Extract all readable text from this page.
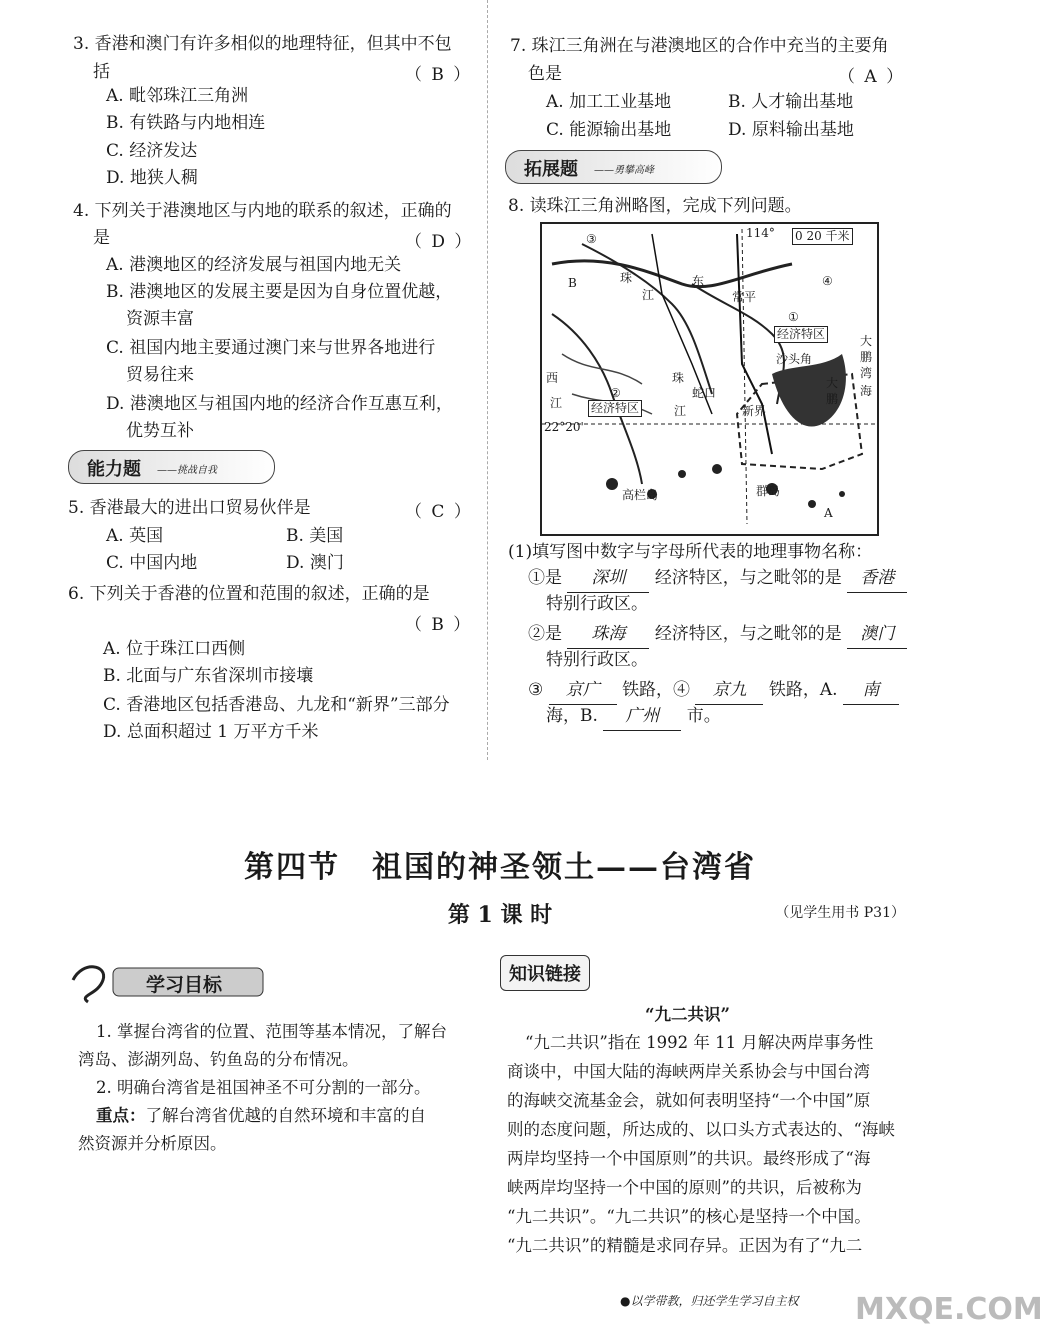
3. 香港和澳门有许多相似的地理特征，但其中不包
括	（ B ）
A. 毗邻珠江三角洲
B. 有铁路与内地相连
C. 经济发达
D. 地狭人稠
4. 下列关于港澳地区与内地的联系的叙述，正确的
是	（ D ）
A. 港澳地区的经济发展与祖国内地无关
B. 港澳地区的发展主要是因为自身位置优越，
资源丰富
C. 祖国内地主要通过澳门来与世界各地进行
贸易往来
D. 港澳地区与祖国内地的经济合作互惠互利，
优势互补
能力题 ——挑战自我
5. 香港最大的进出口贸易伙伴是	（ C ）
A. 英国	B. 美国
C. 中国内地	D. 澳门
6. 下列关于香港的位置和范围的叙述，正确的是
（ B ）
A. 位于珠江口西侧
B. 北面与广东省深圳市接壤
C. 香港地区包括香港岛、九龙和“新界”三部分
D. 总面积超过 1 万平方千米
7. 珠江三角洲在与港澳地区的合作中充当的主要角
色是	（ A ）
A. 加工工业基地	B. 人才输出基地
C. 能源输出基地	D. 原料输出基地
拓展题 ——勇攀高峰
8. 读珠江三角洲略图，完成下列问题。
114° 0 20 千米
③
B	珠
江
东	④
常平
①
经济特区
沙头角
大
鹏
湾
大
鹏
海
西
江
②
经济特区
珠
江
蛇口
新界
22°20'
高栏岛	群岛
A
(1)填写图中数字与字母所代表的地理事物名称：
①是 深圳 经济特区，与之毗邻的是 香港
特别行政区。
②是 珠海 经济特区，与之毗邻的是 澳门
特别行政区。
③ 京广 铁路，④ 京九 铁路，A. 南
海，B. 广州 市。
第四节　祖国的神圣领土——台湾省
第 1 课 时	（见学生用书 P31）
学习目标
1. 掌握台湾省的位置、范围等基本情况，了解台
湾岛、澎湖列岛、钓鱼岛的分布情况。
2. 明确台湾省是祖国神圣不可分割的一部分。
重点：了解台湾省优越的自然环境和丰富的自
然资源并分析原因。
知识链接
“九二共识”
“九二共识”指在 1992 年 11 月解决两岸事务性
商谈中，中国大陆的海峡两岸关系协会与中国台湾
的海峡交流基金会，就如何表明坚持“一个中国”原
则的态度问题，所达成的、以口头方式表达的、“海峡
两岸均坚持一个中国原则”的共识。最终形成了“海
峡两岸均坚持一个中国的原则”的共识，后被称为
“九二共识”。“九二共识”的核心是坚持一个中国。
“九二共识”的精髓是求同存异。正因为有了“九二
●以学带教，归还学生学习自主权 MXQE.COM
